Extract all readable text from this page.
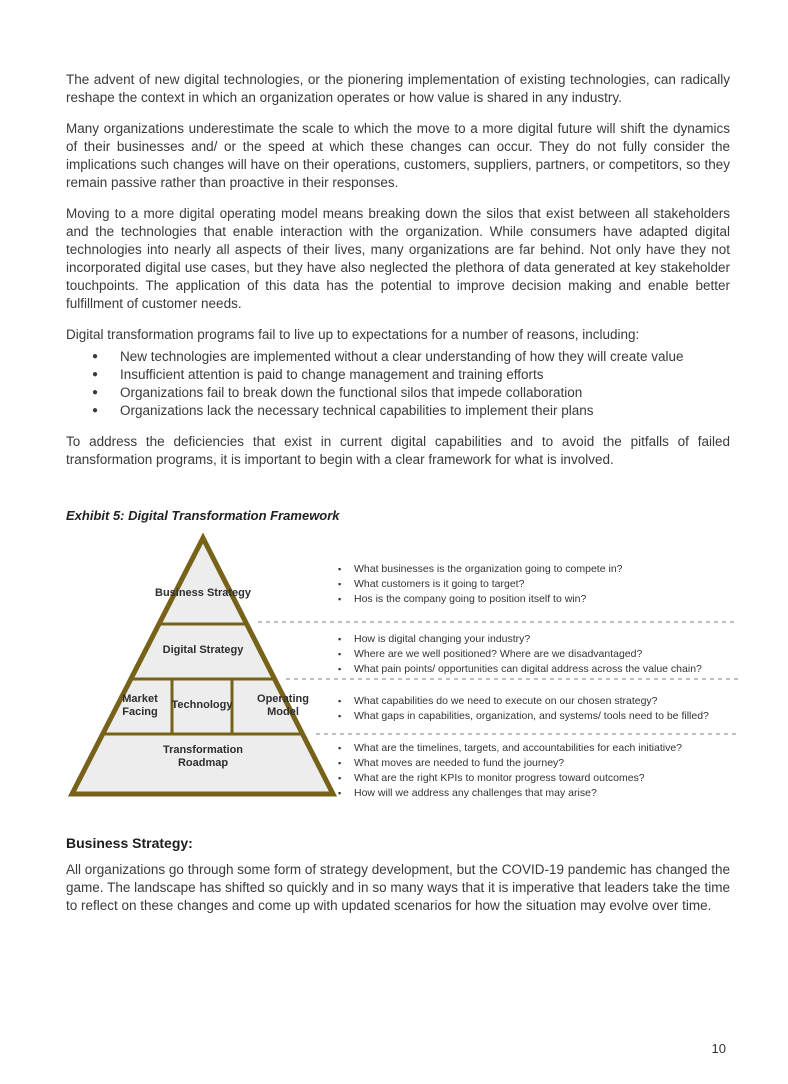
The advent of new digital technologies, or the pionering implementation of existing technologies, can radically reshape the context in which an organization operates or how value is shared in any industry.

Many organizations underestimate the scale to which the move to a more digital future will shift the dynamics of their businesses and/ or the speed at which these changes can occur. They do not fully consider the implications such changes will have on their operations, customers, suppliers, partners, or competitors, so they remain passive rather than proactive in their responses.

Moving to a more digital operating model means breaking down the silos that exist between all stakeholders and the technologies that enable interaction with the organization. While consumers have adapted digital technologies into nearly all aspects of their lives, many organizations are far behind. Not only have they not incorporated digital use cases, but they have also neglected the plethora of data generated at key stakeholder touchpoints. The application of this data has the potential to improve decision making and enable better fulfillment of customer needs.

Digital transformation programs fail to live up to expectations for a number of reasons, including:

●	New technologies are implemented without a clear understanding of how they will create value
●	Insufficient attention is paid to change management and training efforts
●	Organizations fail to break down the functional silos that impede collaboration
●	Organizations lack the necessary technical capabilities to implement their plans

To address the deficiencies that exist in current digital capabilities and to avoid the pitfalls of failed transformation programs, it is important to begin with a clear framework for what is involved.

Exhibit 5: Digital Transformation Framework
Business Strategy
Digital Strategy
Market Facing
Technology	Operating Model
Transformation Roadmap
▪	What businesses is the organization going to compete in?
▪	What customers is it going to target?
▪	Hos is the company going to position itself to win?
▪	How is digital changing your industry?
▪	Where are we well positioned? Where are we disadvantaged?
▪	What pain points/ opportunities can digital address across the value chain?
▪	What capabilities do we need to execute on our chosen strategy?
▪	What gaps in capabilities, organization, and systems/ tools need to be filled?
▪	What are the timelines, targets, and accountabilities for each initiative?
▪	What moves are needed to fund the journey?
▪	What are the right KPIs to monitor progress toward outcomes?
▪	How will we address any challenges that may arise?
Business Strategy:

All organizations go through some form of strategy development, but the COVID-19 pandemic has changed the game. The landscape has shifted so quickly and in so many ways that it is imperative that leaders take the time to reflect on these changes and come up with updated scenarios for how the situation may evolve over time.

10
